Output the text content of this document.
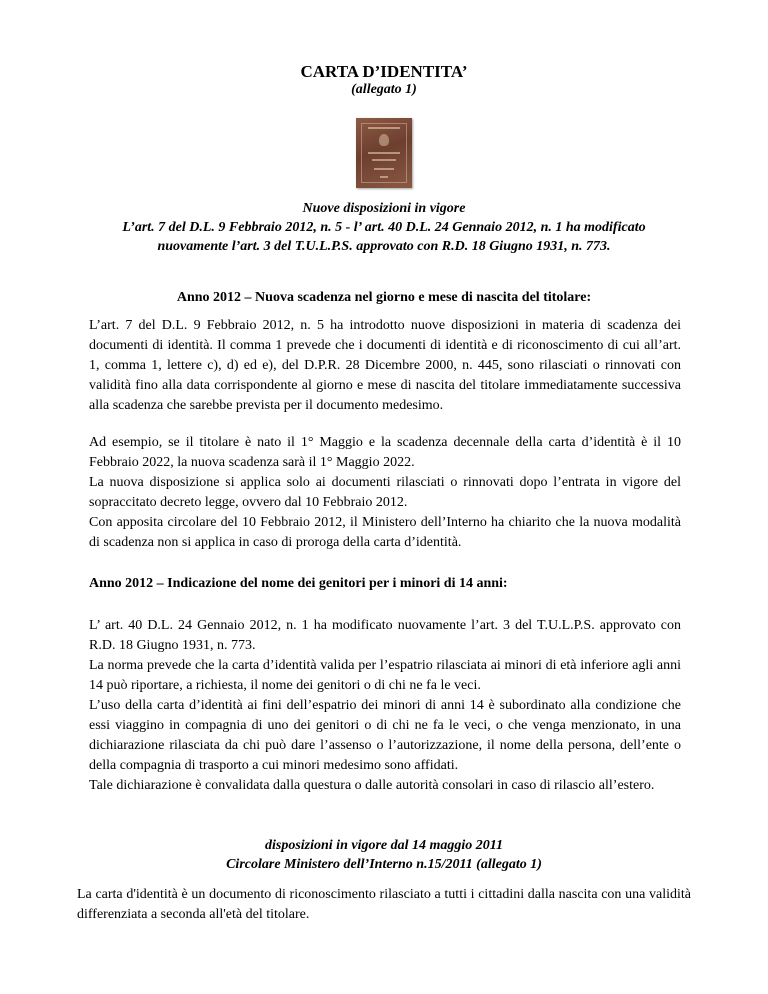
CARTA D’IDENTITA’
(allegato 1)
Nuove disposizioni in vigore
L’art. 7 del D.L. 9 Febbraio 2012, n. 5 - l’ art. 40 D.L. 24 Gennaio 2012, n. 1 ha modificato
nuovamente l’art. 3 del T.U.L.P.S. approvato con R.D. 18 Giugno 1931, n. 773.
Anno 2012 – Nuova scadenza nel giorno e mese di nascita del titolare:

L’art. 7 del D.L. 9 Febbraio 2012, n. 5 ha introdotto nuove disposizioni in materia di scadenza dei documenti di identità. Il comma 1 prevede che i documenti di identità e di riconoscimento di cui all’art. 1, comma 1, lettere c), d) ed e), del D.P.R. 28 Dicembre 2000, n. 445, sono rilasciati o rinnovati con validità fino alla data corrispondente al giorno e mese di nascita del titolare immediatamente successiva alla scadenza che sarebbe prevista per il documento medesimo.

Ad esempio, se il titolare è nato il 1° Maggio e la scadenza decennale della carta d’identità è il 10 Febbraio 2022, la nuova scadenza sarà il 1° Maggio 2022.

La nuova disposizione si applica solo ai documenti rilasciati o rinnovati dopo l’entrata in vigore del sopraccitato decreto legge, ovvero dal 10 Febbraio 2012.

Con apposita circolare del 10 Febbraio 2012, il Ministero dell’Interno ha chiarito che la nuova modalità di scadenza non si applica in caso di proroga della carta d’identità.

Anno 2012 – Indicazione del nome dei genitori per i minori di 14 anni:

L’ art. 40 D.L. 24 Gennaio 2012, n. 1 ha modificato nuovamente l’art. 3 del T.U.L.P.S. approvato con R.D. 18 Giugno 1931, n. 773.

La norma prevede che la carta d’identità valida per l’espatrio rilasciata ai minori di età inferiore agli anni 14 può riportare, a richiesta, il nome dei genitori o di chi ne fa le veci.

L’uso della carta d’identità ai fini dell’espatrio dei minori di anni 14 è subordinato alla condizione che essi viaggino in compagnia di uno dei genitori o di chi ne fa le veci, o che venga menzionato, in una dichiarazione rilasciata da chi può dare l’assenso o l’autorizzazione, il nome della persona, dell’ente o della compagnia di trasporto a cui minori medesimo sono affidati.

Tale dichiarazione è convalidata dalla questura o dalle autorità consolari in caso di rilascio all’estero.

disposizioni in vigore dal 14 maggio 2011
Circolare Ministero dell’Interno n.15/2011 (allegato 1)
La carta d'identità è un documento di riconoscimento rilasciato a tutti i cittadini dalla nascita con una validità differenziata a seconda all'età del titolare.
